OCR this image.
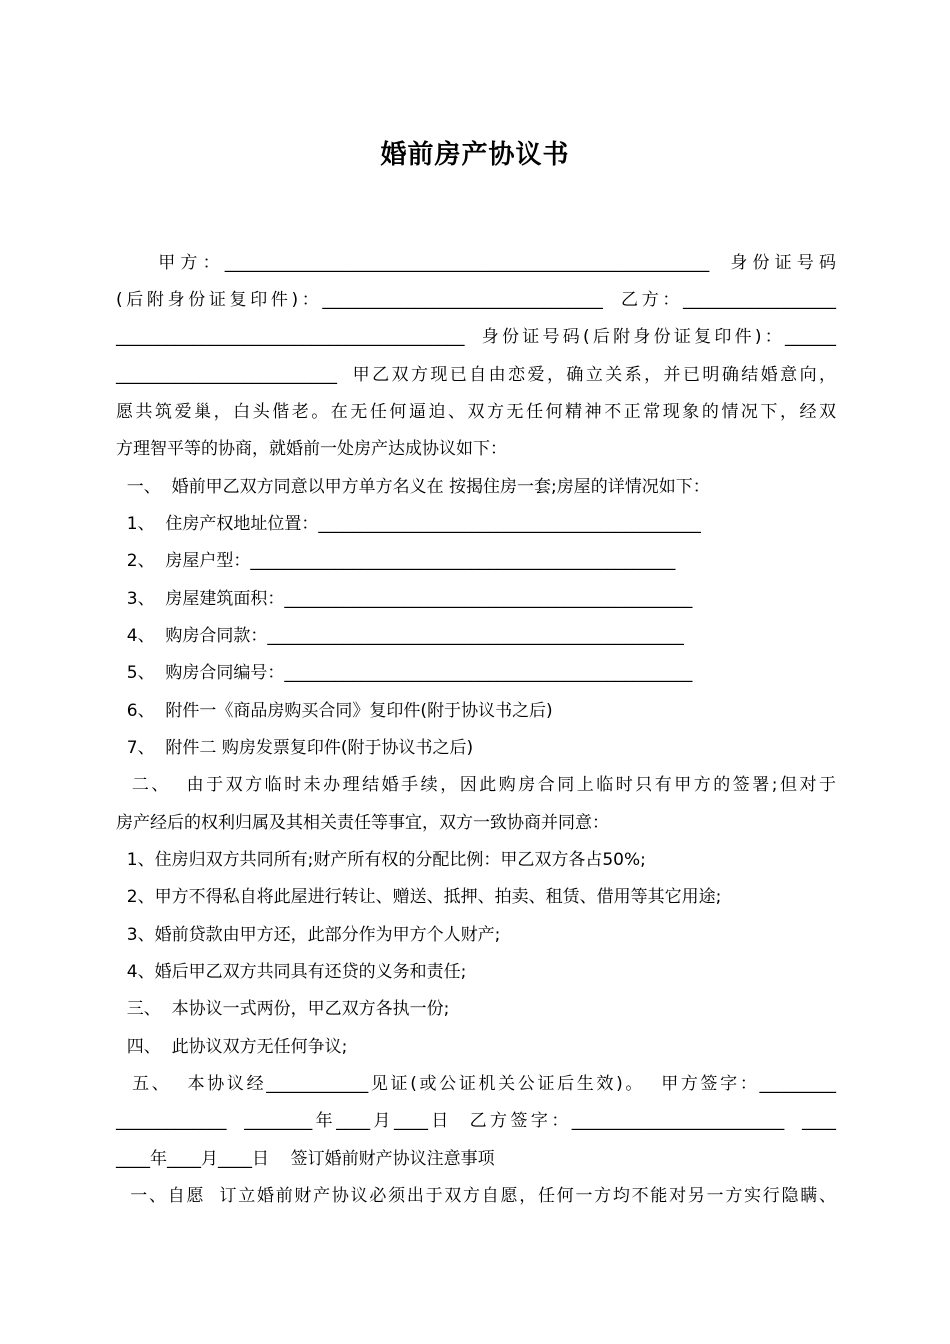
婚前房产协议书
甲方：_________________________________________________________  身份证号码
(后附身份证复印件)：_________________________________  乙方：__________________
_________________________________________  身份证号码(后附身份证复印件)：______
__________________________  甲乙双方现已自由恋爱，确立关系，并已明确结婚意向，
愿共筑爱巢，白头偕老。在无任何逼迫、双方无任何精神不正常现象的情况下，经双
方理智平等的协商，就婚前一处房产达成协议如下：
一、  婚前甲乙双方同意以甲方单方名义在 按揭住房一套;房屋的详情况如下：
1、  住房产权地址位置：_____________________________________________
2、  房屋户型：__________________________________________________
3、  房屋建筑面积：________________________________________________
4、  购房合同款：_________________________________________________
5、  购房合同编号：________________________________________________
6、  附件一《商品房购买合同》复印件(附于协议书之后)
7、  附件二 购房发票复印件(附于协议书之后)
二、  由于双方临时未办理结婚手续，因此购房合同上临时只有甲方的签署;但对于
房产经后的权利归属及其相关责任等事宜，双方一致协商并同意：
1、住房归双方共同所有;财产所有权的分配比例：甲乙双方各占50%;
2、甲方不得私自将此屋进行转让、赠送、抵押、拍卖、租赁、借用等其它用途;
3、婚前贷款由甲方还，此部分作为甲方个人财产;
4、婚后甲乙双方共同具有还贷的义务和责任;
三、  本协议一式两份，甲乙双方各执一份;
四、  此协议双方无任何争议;
五、  本协议经____________见证(或公证机关公证后生效)。  甲方签字：_________
_____________  ________年____月____日  乙方签字：_________________________  ____
____年____月____日    签订婚前财产协议注意事项
一、自愿  订立婚前财产协议必须出于双方自愿，任何一方均不能对另一方实行隐瞒、
